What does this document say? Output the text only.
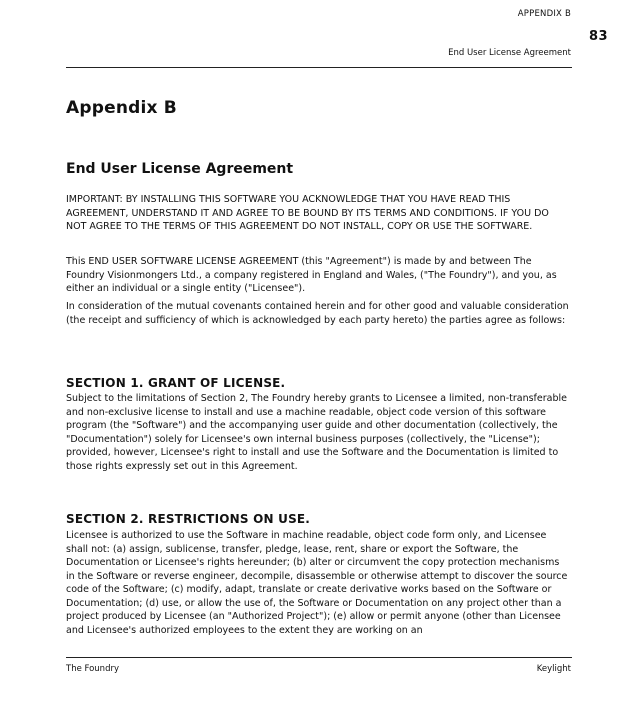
APPENDIX B
83
End User License Agreement
Appendix B
End User License Agreement

IMPORTANT: BY INSTALLING THIS SOFTWARE YOU ACKNOWLEDGE THAT YOU HAVE READ THIS AGREEMENT, UNDERSTAND IT AND AGREE TO BE BOUND BY ITS TERMS AND CONDITIONS. IF YOU DO NOT AGREE TO THE TERMS OF THIS AGREEMENT DO NOT INSTALL, COPY OR USE THE SOFTWARE.

This END USER SOFTWARE LICENSE AGREEMENT (this "Agreement") is made by and between The Foundry Visionmongers Ltd., a company registered in England and Wales, ("The Foundry"), and you, as either an individual or a single entity ("Licensee").

In consideration of the mutual covenants contained herein and for other good and valuable consideration (the receipt and sufficiency of which is acknowledged by each party hereto) the parties agree as follows:

SECTION 1. GRANT OF LICENSE.

Subject to the limitations of Section 2, The Foundry hereby grants to Licensee a limited, non-transferable and non-exclusive license to install and use a machine readable, object code version of this software program (the "Software") and the accompanying user guide and other documentation (collectively, the "Documentation") solely for Licensee's own internal business purposes (collectively, the "License"); provided, however, Licensee's right to install and use the Software and the Documentation is limited to those rights expressly set out in this Agreement.

SECTION 2. RESTRICTIONS ON USE.

Licensee is authorized to use the Software in machine readable, object code form only, and Licensee shall not: (a) assign, sublicense, transfer, pledge, lease, rent, share or export the Software, the Documentation or Licensee's rights hereunder; (b) alter or circumvent the copy protection mechanisms in the Software or reverse engineer, decompile, disassemble or otherwise attempt to discover the source code of the Software; (c) modify, adapt, translate or create derivative works based on the Software or Documentation; (d) use, or allow the use of, the Software or Documentation on any project other than a project produced by Licensee (an "Authorized Project"); (e) allow or permit anyone (other than Licensee and Licensee's authorized employees to the extent they are working on an

The Foundry	Keylight
